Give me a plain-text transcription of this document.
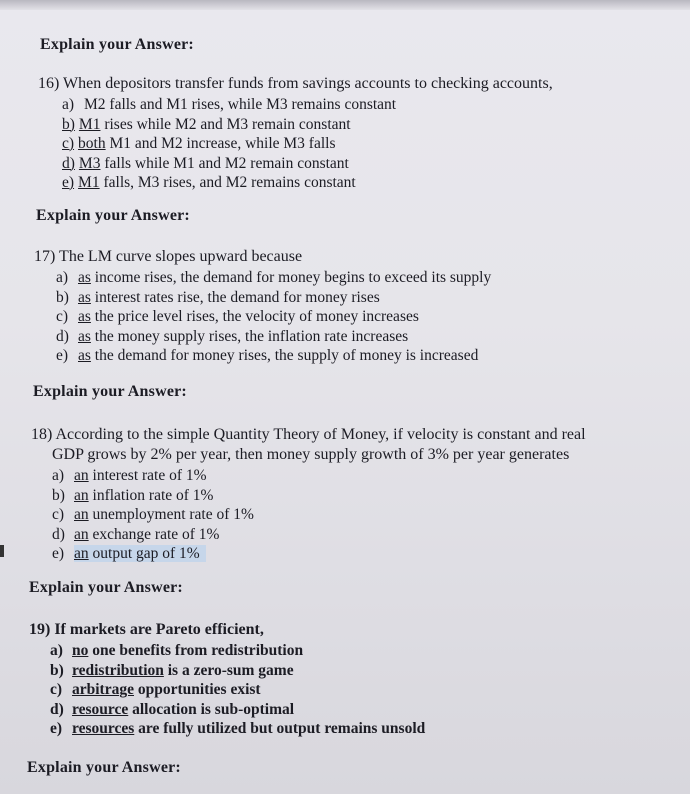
Explain your Answer:
16) When depositors transfer funds from savings accounts to checking accounts,
a) M2 falls and M1 rises, while M3 remains constant
b) M1 rises while M2 and M3 remain constant
c) both M1 and M2 increase, while M3 falls
d) M3 falls while M1 and M2 remain constant
e) M1 falls, M3 rises, and M2 remains constant
Explain your Answer:
17) The LM curve slopes upward because
a) as income rises, the demand for money begins to exceed its supply
b) as interest rates rise, the demand for money rises
c) as the price level rises, the velocity of money increases
d) as the money supply rises, the inflation rate increases
e) as the demand for money rises, the supply of money is increased
Explain your Answer:
18) According to the simple Quantity Theory of Money, if velocity is constant and real
GDP grows by 2% per year, then money supply growth of 3% per year generates
a) an interest rate of 1%
b) an inflation rate of 1%
c) an unemployment rate of 1%
d) an exchange rate of 1%
e) an output gap of 1%
Explain your Answer:
19) If markets are Pareto efficient,
a) no one benefits from redistribution
b) redistribution is a zero-sum game
c) arbitrage opportunities exist
d) resource allocation is sub-optimal
e) resources are fully utilized but output remains unsold
Explain your Answer:
